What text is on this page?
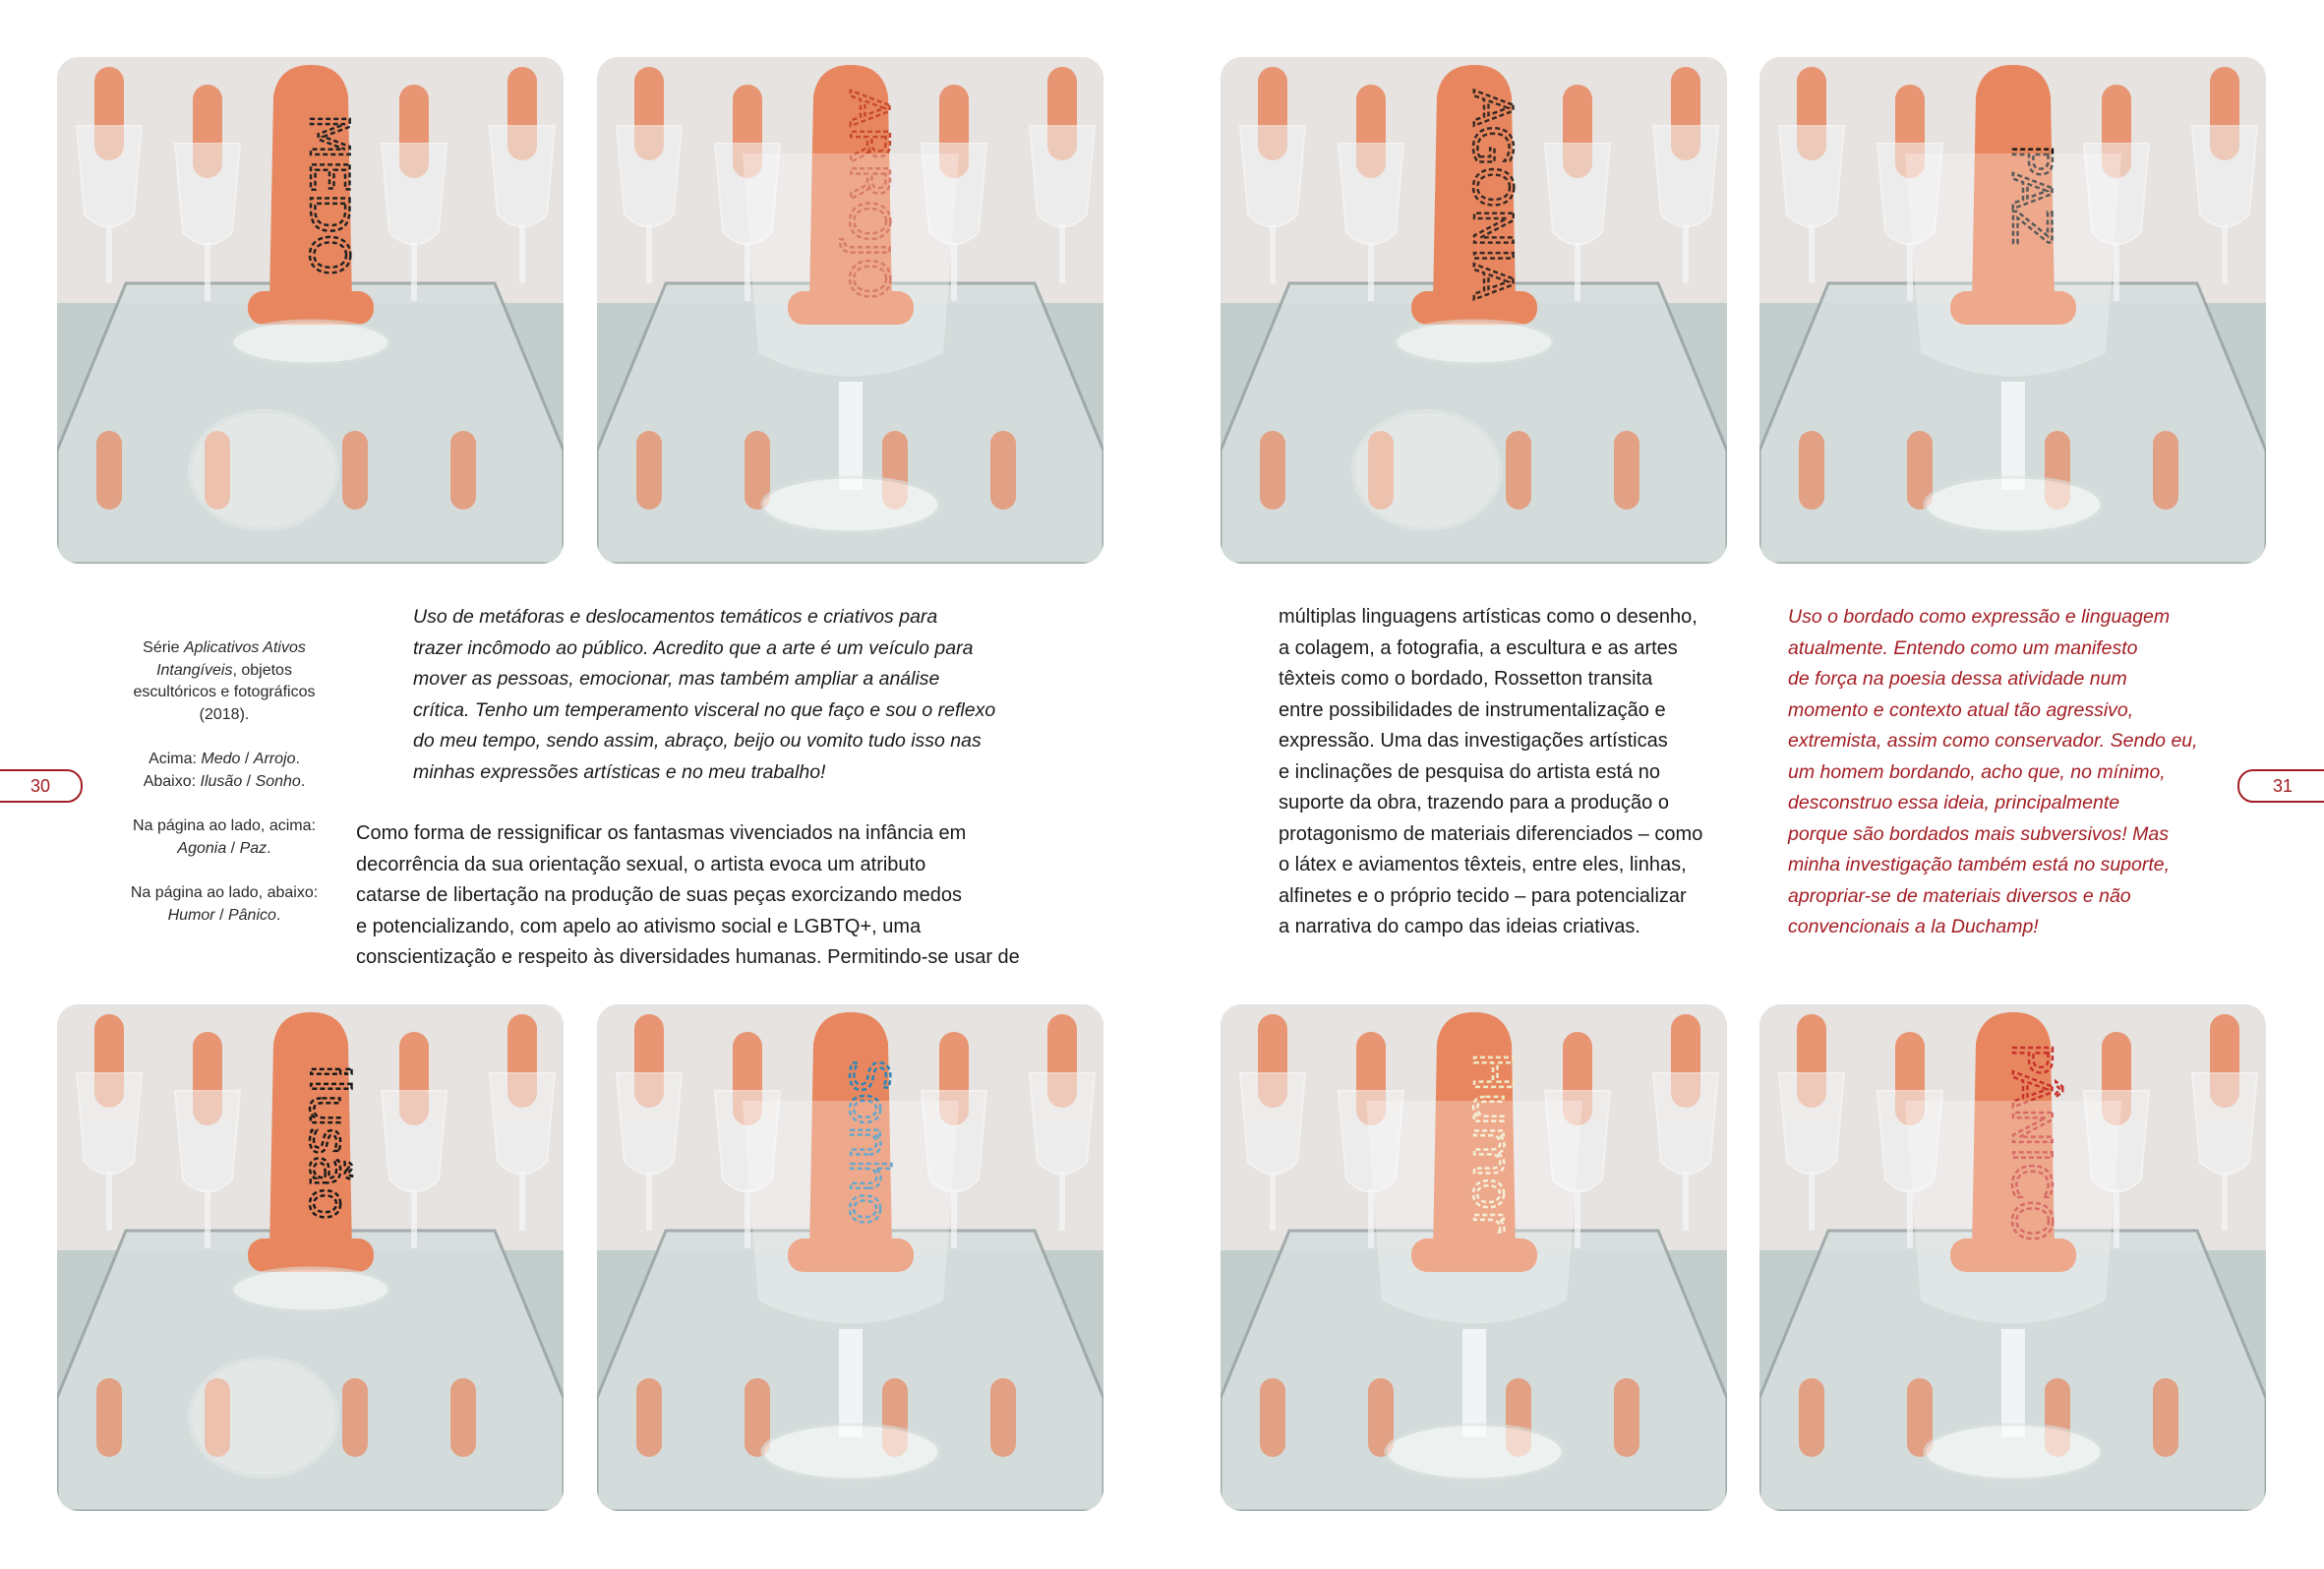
MEDO	ARROJO	AGONIA	PAZ
ilusão	Sonho	Humor	PÂNICO
30	31

Série Aplicativos Ativos Intangíveis, objetos escultóricos e fotográficos (2018).

Acima: Medo / Arrojo.
Abaixo: Ilusão / Sonho.

Na página ao lado, acima: Agonia / Paz.

Na página ao lado, abaixo: Humor / Pânico.

Uso de metáforas e deslocamentos temáticos e criativos para

trazer incômodo ao público. Acredito que a arte é um veículo para

mover as pessoas, emocionar, mas também ampliar a análise

crítica. Tenho um temperamento visceral no que faço e sou o reflexo

do meu tempo, sendo assim, abraço, beijo ou vomito tudo isso nas

minhas expressões artísticas e no meu trabalho!

Como forma de ressignificar os fantasmas vivenciados na infância em

decorrência da sua orientação sexual, o artista evoca um atributo

catarse de libertação na produção de suas peças exorcizando medos

e potencializando, com apelo ao ativismo social e LGBTQ+, uma

conscientização e respeito às diversidades humanas. Permitindo-se usar de

múltiplas linguagens artísticas como o desenho,

a colagem, a fotografia, a escultura e as artes

têxteis como o bordado, Rossetton transita

entre possibilidades de instrumentalização e

expressão. Uma das investigações artísticas

e inclinações de pesquisa do artista está no

suporte da obra, trazendo para a produção o

protagonismo de materiais diferenciados – como

o látex e aviamentos têxteis, entre eles, linhas,

alfinetes e o próprio tecido – para potencializar

a narrativa do campo das ideias criativas.

Uso o bordado como expressão e linguagem

atualmente. Entendo como um manifesto

de força na poesia dessa atividade num

momento e contexto atual tão agressivo,

extremista, assim como conservador. Sendo eu,

um homem bordando, acho que, no mínimo,

desconstruo essa ideia, principalmente

porque são bordados mais subversivos! Mas

minha investigação também está no suporte,

apropriar-se de materiais diversos e não

convencionais a la Duchamp!
